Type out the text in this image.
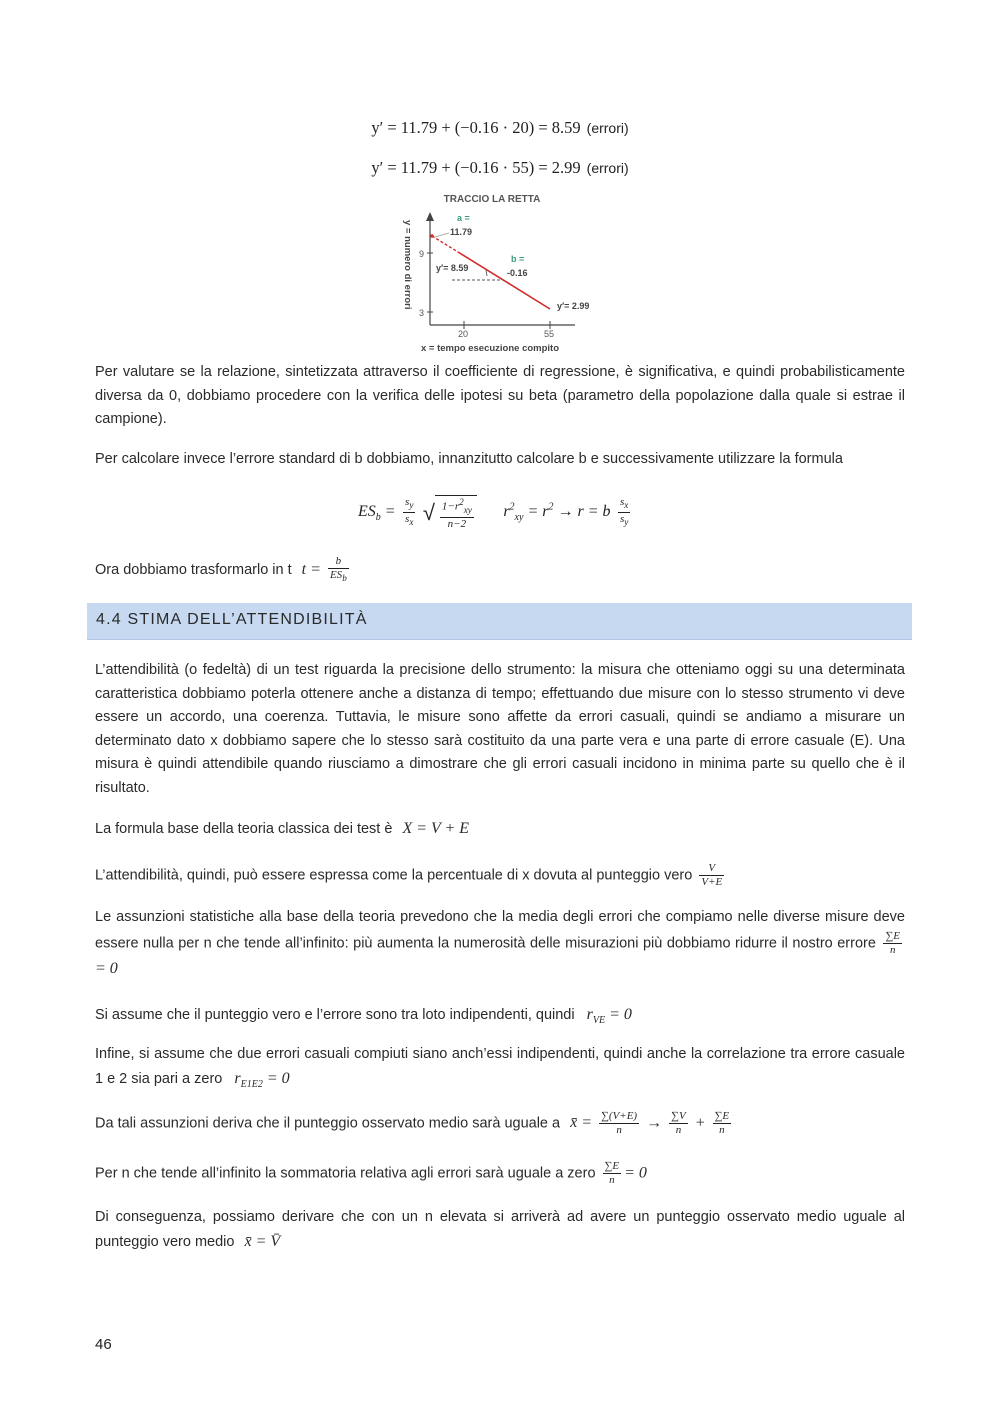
y′ = 11.79 + (−0.16 · 20) = 8.59 (errori)
y′ = 11.79 + (−0.16 · 55) = 2.99 (errori)
TRACCIO LA RETTA
y = numero di errori 9
3
20	55
x = tempo esecuzione compito
a =
11.79
b =
-0.16
y′= 8.59
y′= 2.99

Per valutare se la relazione, sintetizzata attraverso il coefficiente di regressione, è significativa, e quindi probabilisticamente diversa da 0, dobbiamo procedere con la verifica delle ipotesi su beta (parametro della popolazione dalla quale si estrae il campione).

Per calcolare invece l’errore standard di b dobbiamo, innanzitutto calcolare b e successivamente utilizzare la formula

$ES_b = \frac{s_y}{s_x}$ √ $\frac{1-r^2_{xy}}{n-2} r^2_{xy} = r^2 \to r = b \frac{s_x}{s_y}$
Ora dobbiamo trasformarlo in t $t = \frac{b}{ES_b}$
4.4 STIMA DELL’ATTENDIBILITÀ

L’attendibilità (o fedeltà) di un test riguarda la precisione dello strumento: la misura che otteniamo oggi su una determinata caratteristica dobbiamo poterla ottenere anche a distanza di tempo; effettuando due misure con lo stesso strumento vi deve essere un accordo, una coerenza. Tuttavia, le misure sono affette da errori casuali, quindi se andiamo a misurare un determinato dato x dobbiamo sapere che lo stesso sarà costituito da una parte vera e una parte di errore casuale (E). Una misura è quindi attendibile quando riusciamo a dimostrare che gli errori casuali incidono in minima parte su quello che è il risultato.

La formula base della teoria classica dei test è X = V + E
L’attendibilità, quindi, può essere espressa come la percentuale di x dovuta al punteggio vero $\frac{V}{V+E}$
Le assunzioni statistiche alla base della teoria prevedono che la media degli errori che compiamo nelle diverse misure deve essere nulla per n che tende all’infinito: più aumenta la numerosità delle misurazioni più dobbiamo ridurre il nostro errore $\frac{\sum E}{n}$
= 0
Si assume che il punteggio vero e l’errore sono tra loto indipendenti, quindi $r_{VE} = 0$
Infine, si assume che due errori casuali compiuti siano anch’essi indipendenti, quindi anche la correlazione tra errore casuale 1 e 2 sia pari a zero $r_{E1E2} = 0$
Da tali assunzioni deriva che il punteggio osservato medio sarà uguale a x̄ = $\frac{\sum(V+E)}{n} \to \frac{\sum V}{n} + \frac{\sum E}{n}$
Per n che tende all’infinito la sommatoria relativa agli errori sarà uguale a zero $\frac{\sum E}{n} = 0$
Di conseguenza, possiamo derivare che con un n elevata si arriverà ad avere un punteggio osservato medio uguale al punteggio vero medio x̄ = V̄
46
